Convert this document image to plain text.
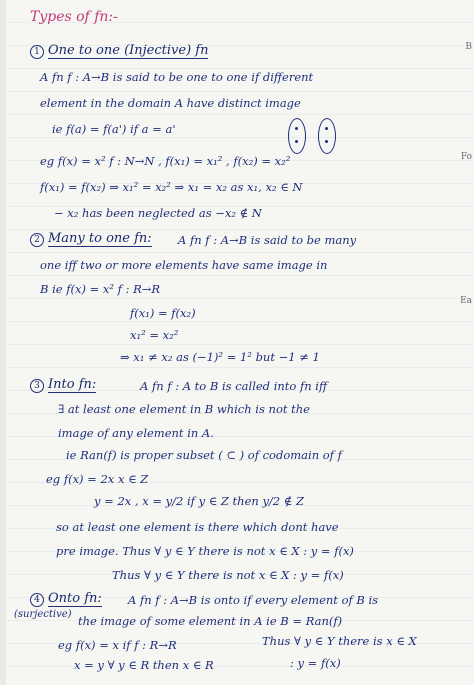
B
Fo
Ea
Types of fn:-
1 One to one (Injective) fn
A fn f : A→B is said to be one to one if different
element in the domain A have distinct image
ie f(a) = f(a') if a = a'
eg f(x) = x² f : N→N , f(x₁) = x₁² , f(x₂) = x₂²
f(x₁) = f(x₂) ⇒ x₁² = x₂² ⇒ x₁ = x₂ as x₁, x₂ ∈ N
− x₂ has been neglected as −x₂ ∉ N
2 Many to one fn: A fn f : A→B is said to be many
one iff two or more elements have same image in
B ie f(x) = x² f : R→R
f(x₁) = f(x₂)
x₁² = x₂²
⇒ x₁ ≠ x₂ as (−1)² = 1² but −1 ≠ 1
3 Into fn:	A fn f : A to B is called into fn iff
∃ at least one element in B which is not the
image of any element in A.
ie Ran(f) is proper subset ( ⊂ ) of codomain of f
eg f(x) = 2x x ∈ Z
y = 2x , x = y/2 if y ∈ Z then y/2 ∉ Z
so at least one element is there which dont have
pre image. Thus ∀ y ∈ Y there is not x ∈ X : y = f(x)
Thus ∀ y ∈ Y there is not x ∈ X : y = f(x)
4 Onto fn:
(surjective)
A fn f : A→B is onto if every element of B is
the image of some element in A ie B = Ran(f)
eg f(x) = x if f : R→R	Thus ∀ y ∈ Y there is x ∈ X
x = y ∀ y ∈ R then x ∈ R	: y = f(x)
